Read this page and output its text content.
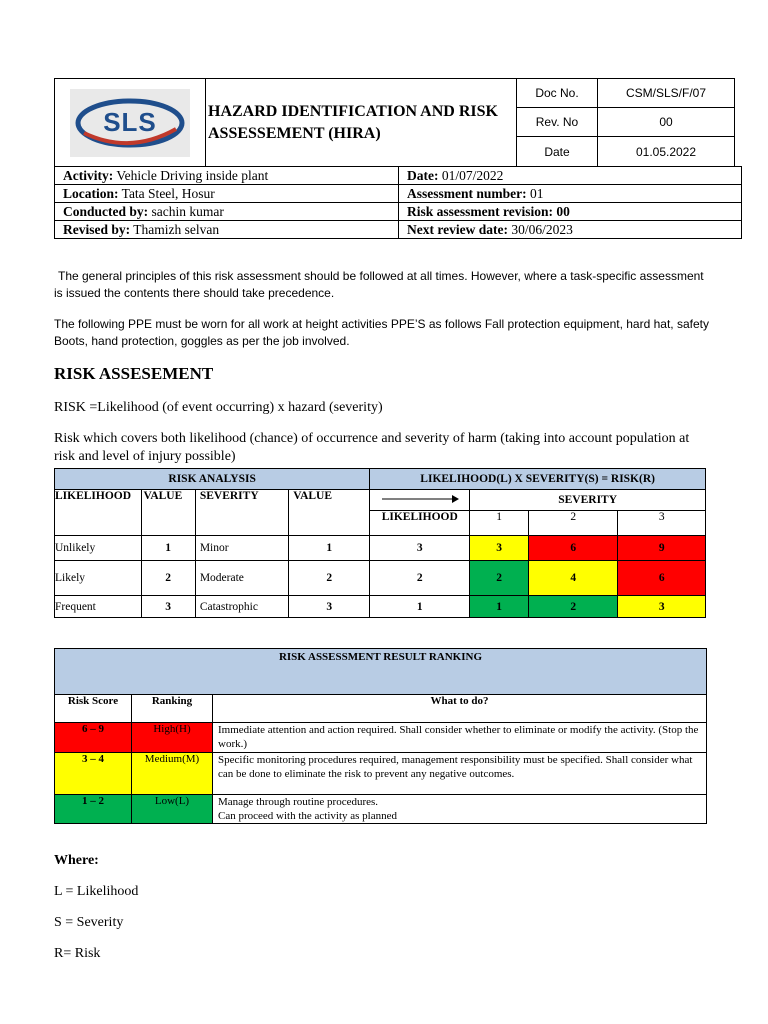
SLS	HAZARD IDENTIFICATION AND RISK ASSESSEMENT (HIRA)	Doc No.	CSM/SLS/F/07
		Rev. No	00
		Date	01.05.2022
Activity: Vehicle Driving inside plant	Date: 01/07/2022
Location: Tata Steel, Hosur	Assessment number: 01
Conducted by: sachin kumar	Risk assessment revision: 00
Revised by: Thamizh selvan	Next review date: 30/06/2023
The general principles of this risk assessment should be followed at all times. However, where a task-specific assessment is issued the contents there should take precedence.
The following PPE must be worn for all work at height activities PPE’S as follows Fall protection equipment, hard hat, safety Boots, hand protection, goggles as per the job involved.
RISK ASSESEMENT
RISK =Likelihood (of event occurring) x hazard (severity)
Risk which covers both likelihood (chance) of occurrence and severity of harm (taking into account population at risk and level of injury possible)
RISK ANALYSIS				LIKELIHOOD(L) X SEVERITY(S) = RISK(R)			
LIKELIHOOD	VALUE	SEVERITY	VALUE		SEVERITY		
				LIKELIHOOD	1	2	3
Unlikely	1	Minor	1	3	3	6	9
Likely	2	Moderate	2	2	2	4	6
Frequent	3	Catastrophic	3	1	1	2	3
RISK ASSESSMENT RESULT RANKING		
Risk Score	Ranking	What to do?
6 – 9	High(H)	Immediate attention and action required. Shall consider whether to eliminate or modify the activity. (Stop the work.)
3 – 4	Medium(M)	Specific monitoring procedures required, management responsibility must be specified. Shall consider what can be done to eliminate the risk to prevent any negative outcomes.
1 – 2	Low(L)	Manage through routine procedures.
Can proceed with the activity as planned
Where:
L = Likelihood
S = Severity
R= Risk
